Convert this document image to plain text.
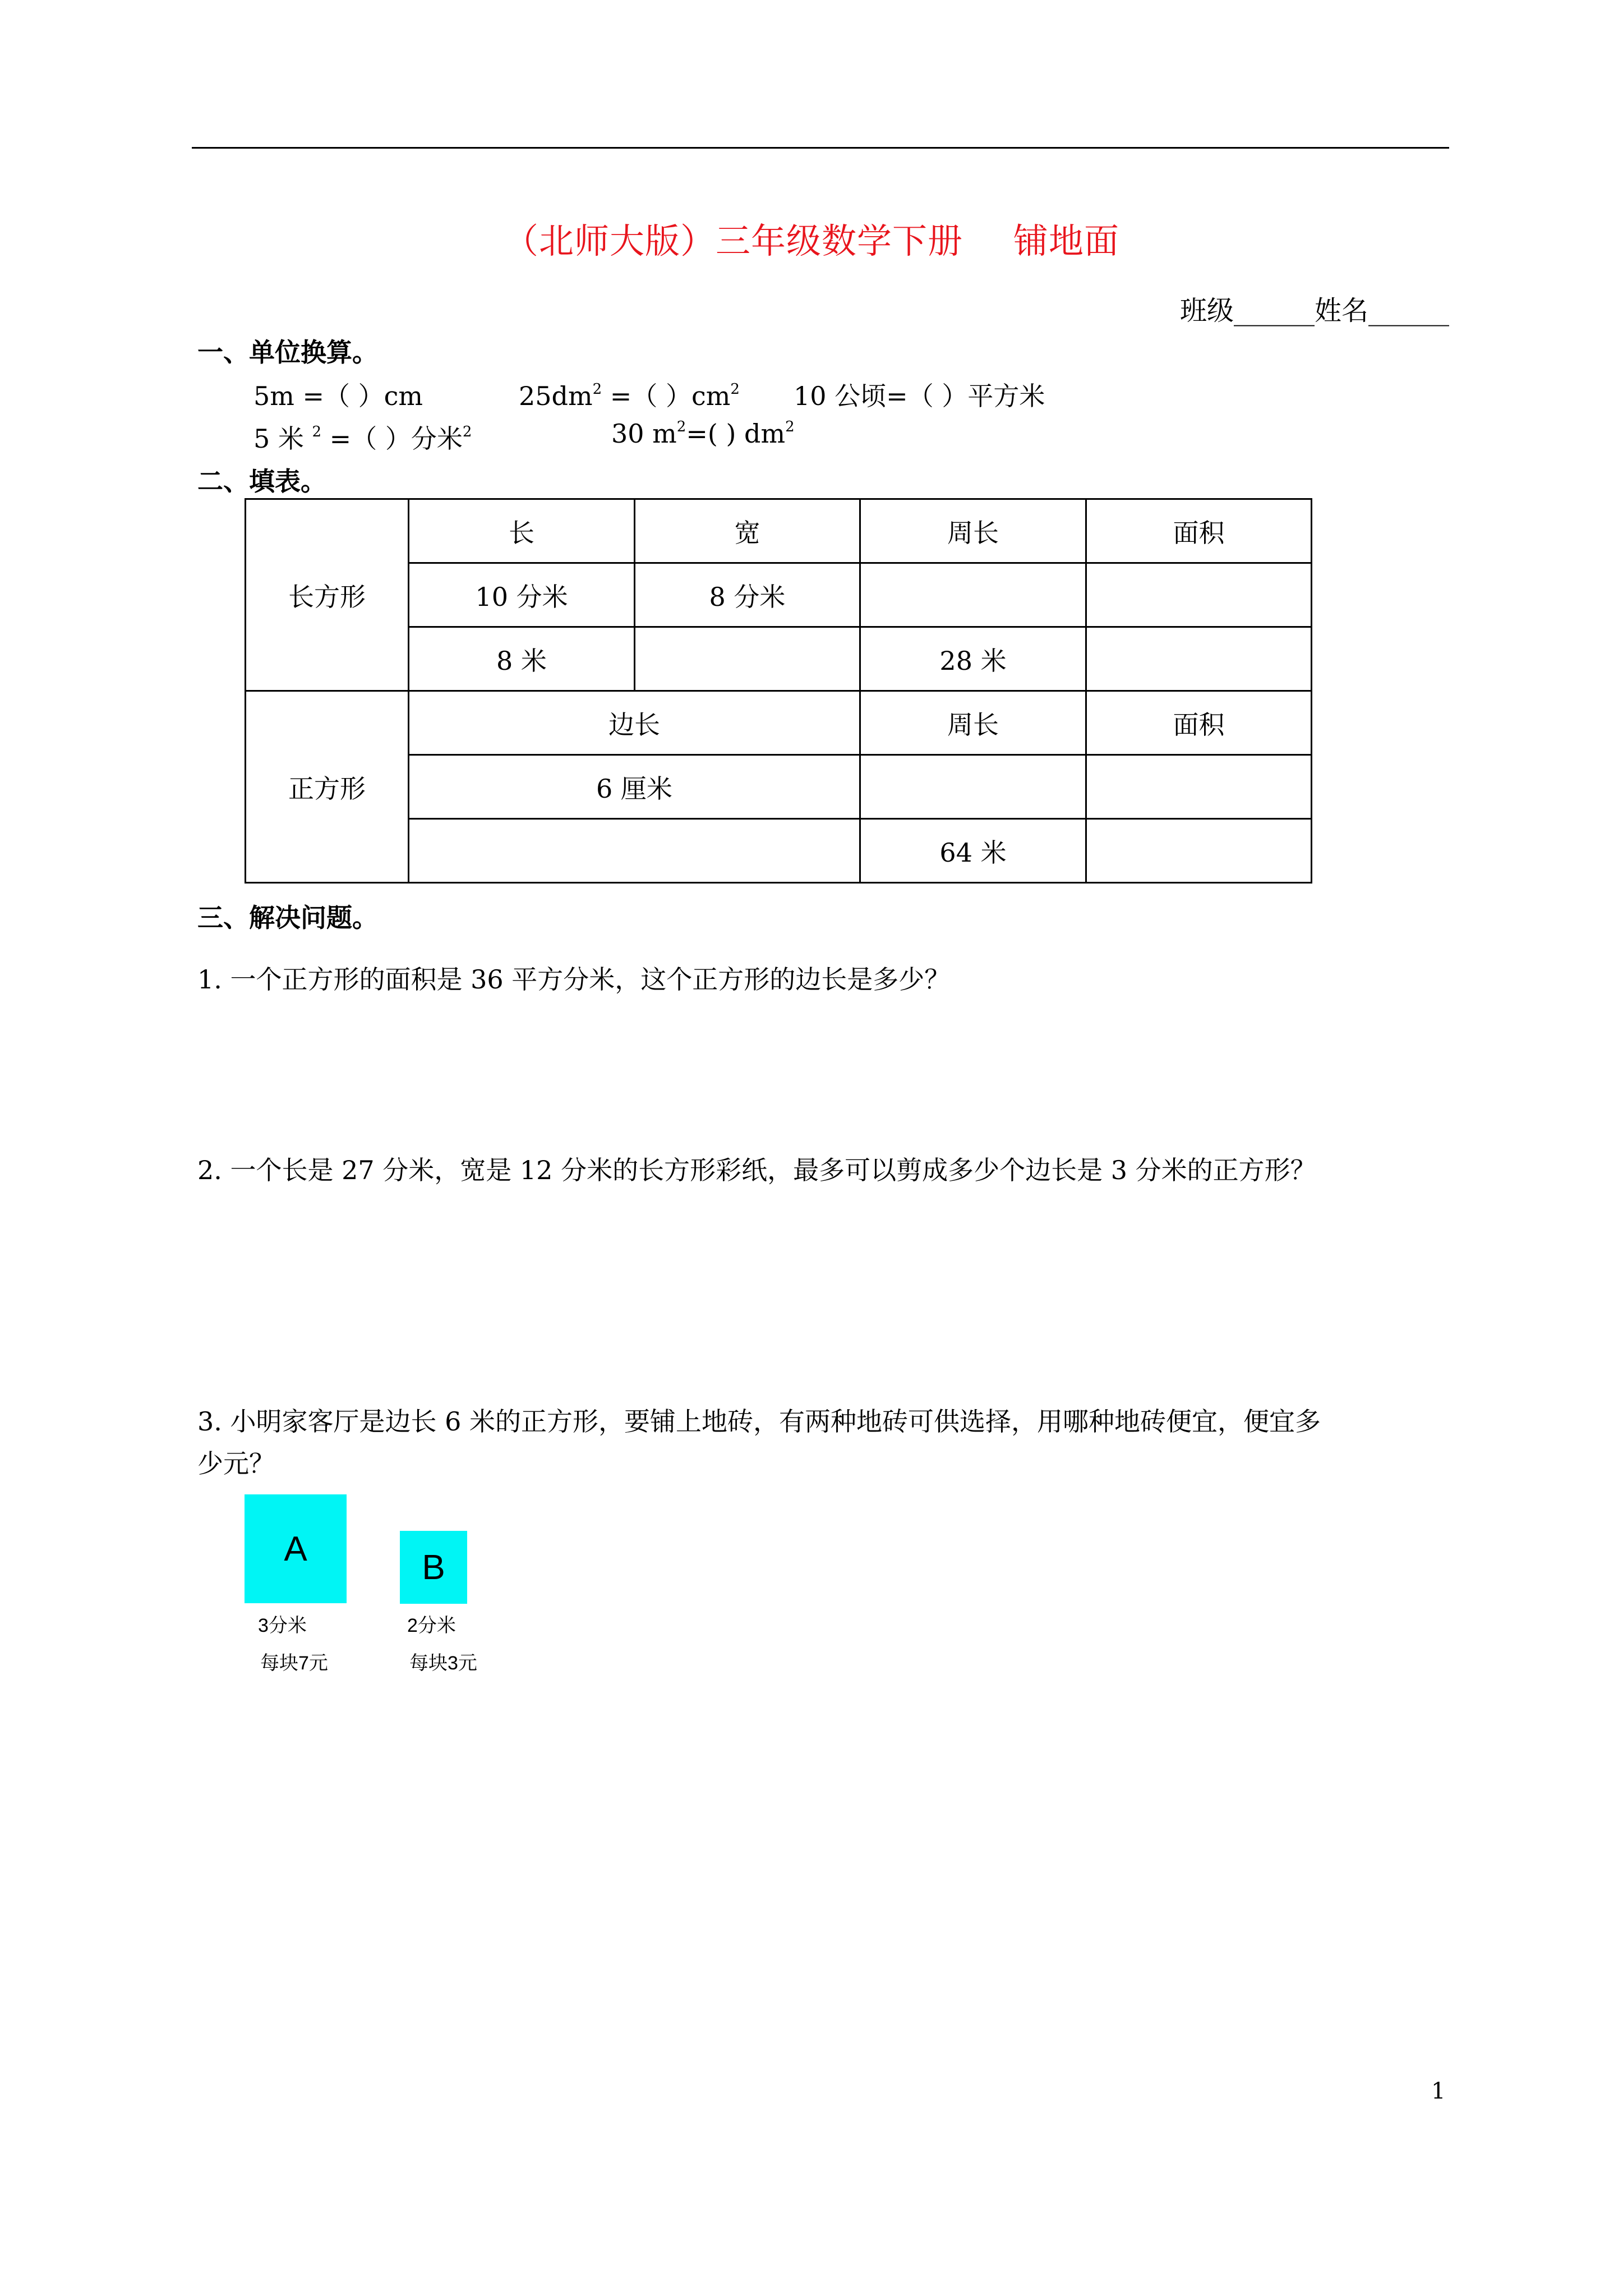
（北师大版）三年级数学下册 铺地面
班级______姓名______
一、单位换算。
5m =（ ）cm	$25dm^2$ =（ ）$cm^2$ 10 公顷=（ ）平方米
5 米 $^2$ =（ ）分米$^2$	30 $m^2=$( ) $dm^2$
二、填表。
长方形	长	宽	周长	面积
	10 分米	8 分米		
	8 米		28 米	
正方形	边长		周长	面积
	6 厘米			
			64 米	
三、解决问题。
1. 一个正方形的面积是 36 平方分米，这个正方形的边长是多少？
2. 一个长是 27 分米，宽是 12 分米的长方形彩纸，最多可以剪成多少个边长是 3 分米的正方形？
3. 小明家客厅是边长 6 米的正方形，要铺上地砖，有两种地砖可供选择，用哪种地砖便宜，便宜多
少元？
A
3分米
每块7元
B
2分米
每块3元
1
